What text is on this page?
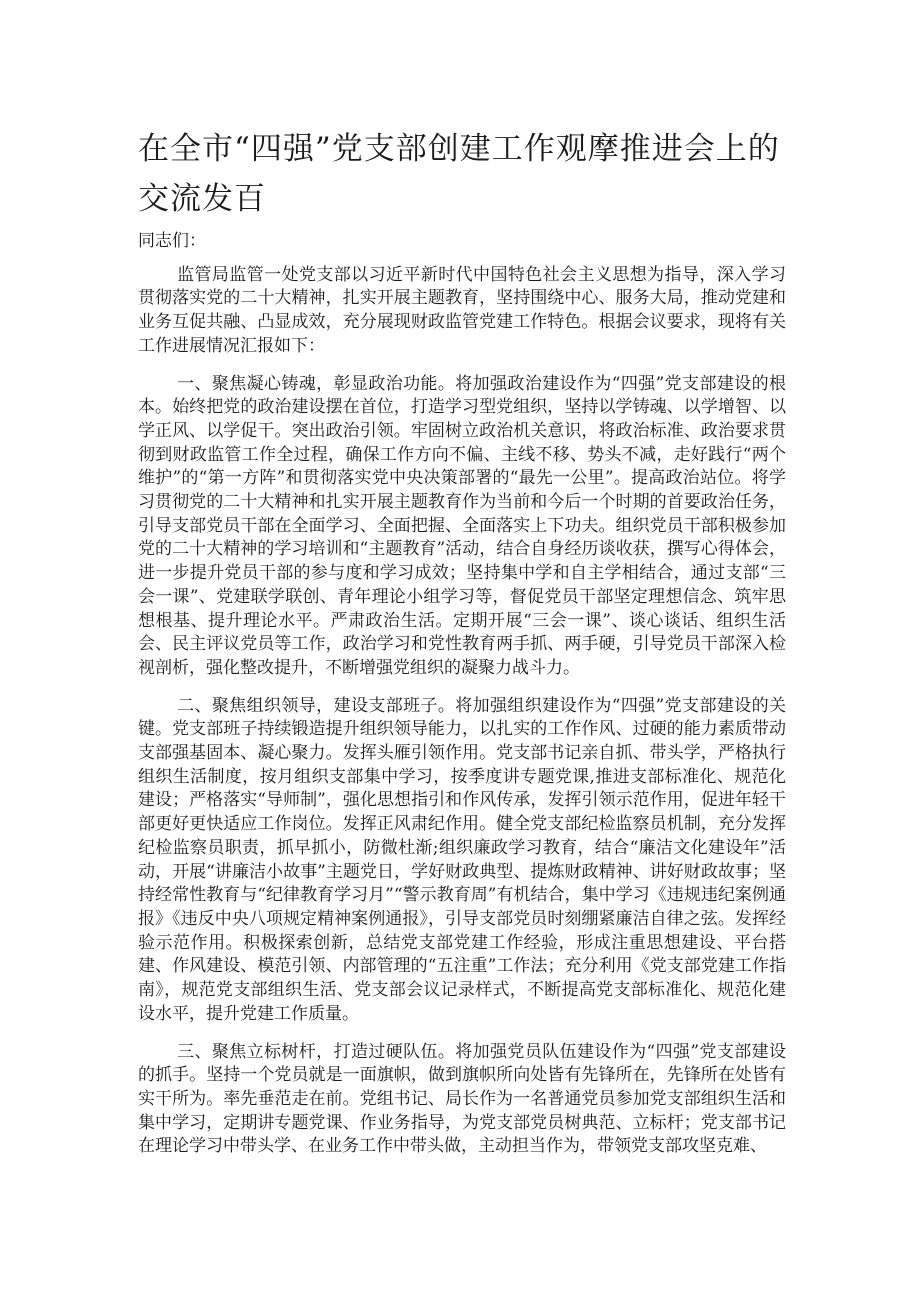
在全市“四强”党支部创建工作观摩推进会上的交流发百

同志们：

监管局监管一处党支部以习近平新时代中国特色社会主义思想为指导，深入学习贯彻落实党的二十大精神，扎实开展主题教育，坚持围绕中心、服务大局，推动党建和业务互促共融、凸显成效，充分展现财政监管党建工作特色。根据会议要求，现将有关工作进展情况汇报如下：

一、聚焦凝心铸魂，彰显政治功能。将加强政治建设作为“四强”党支部建设的根本。始终把党的政治建设摆在首位，打造学习型党组织，坚持以学铸魂、以学增智、以学正风、以学促干。突出政治引领。牢固树立政治机关意识，将政治标准、政治要求贯彻到财政监管工作全过程，确保工作方向不偏、主线不移、势头不减，走好践行“两个维护”的“第一方阵”和贯彻落实党中央决策部署的“最先一公里”。提高政治站位。将学习贯彻党的二十大精神和扎实开展主题教育作为当前和今后一个时期的首要政治任务，引导支部党员干部在全面学习、全面把握、全面落实上下功夫。组织党员干部积极参加党的二十大精神的学习培训和“主题教育”活动，结合自身经历谈收获，撰写心得体会，进一步提升党员干部的参与度和学习成效；坚持集中学和自主学相结合，通过支部“三会一课”、党建联学联创、青年理论小组学习等，督促党员干部坚定理想信念、筑牢思想根基、提升理论水平。严肃政治生活。定期开展“三会一课”、谈心谈话、组织生活会、民主评议党员等工作，政治学习和党性教育两手抓、两手硬，引导党员干部深入检视剖析，强化整改提升，不断增强党组织的凝聚力战斗力。

二、聚焦组织领导，建设支部班子。将加强组织建设作为“四强”党支部建设的关键。党支部班子持续锻造提升组织领导能力，以扎实的工作作风、过硬的能力素质带动支部强基固本、凝心聚力。发挥头雁引领作用。党支部书记亲自抓、带头学，严格执行组织生活制度，按月组织支部集中学习，按季度讲专题党课,推进支部标准化、规范化建设；严格落实“导师制”，强化思想指引和作风传承，发挥引领示范作用，促进年轻干部更好更快适应工作岗位。发挥正风肃纪作用。健全党支部纪检监察员机制，充分发挥纪检监察员职责，抓早抓小，防微杜渐;组织廉政学习教育，结合“廉洁文化建设年”活动，开展“讲廉洁小故事”主题党日，学好财政典型、提炼财政精神、讲好财政故事；坚持经常性教育与“纪律教育学习月”“警示教育周”有机结合，集中学习《违规违纪案例通报》《违反中央八项规定精神案例通报》，引导支部党员时刻绷紧廉洁自律之弦。发挥经验示范作用。积极探索创新，总结党支部党建工作经验，形成注重思想建设、平台搭建、作风建设、模范引领、内部管理的“五注重”工作法；充分利用《党支部党建工作指南》，规范党支部组织生活、党支部会议记录样式，不断提高党支部标准化、规范化建设水平，提升党建工作质量。

三、聚焦立标树杆，打造过硬队伍。将加强党员队伍建设作为“四强”党支部建设的抓手。坚持一个党员就是一面旗帜，做到旗帜所向处皆有先锋所在，先锋所在处皆有实干所为。率先垂范走在前。党组书记、局长作为一名普通党员参加党支部组织生活和集中学习，定期讲专题党课、作业务指导，为党支部党员树典范、立标杆；党支部书记在理论学习中带头学、在业务工作中带头做，主动担当作为，带领党支部攻坚克难、
